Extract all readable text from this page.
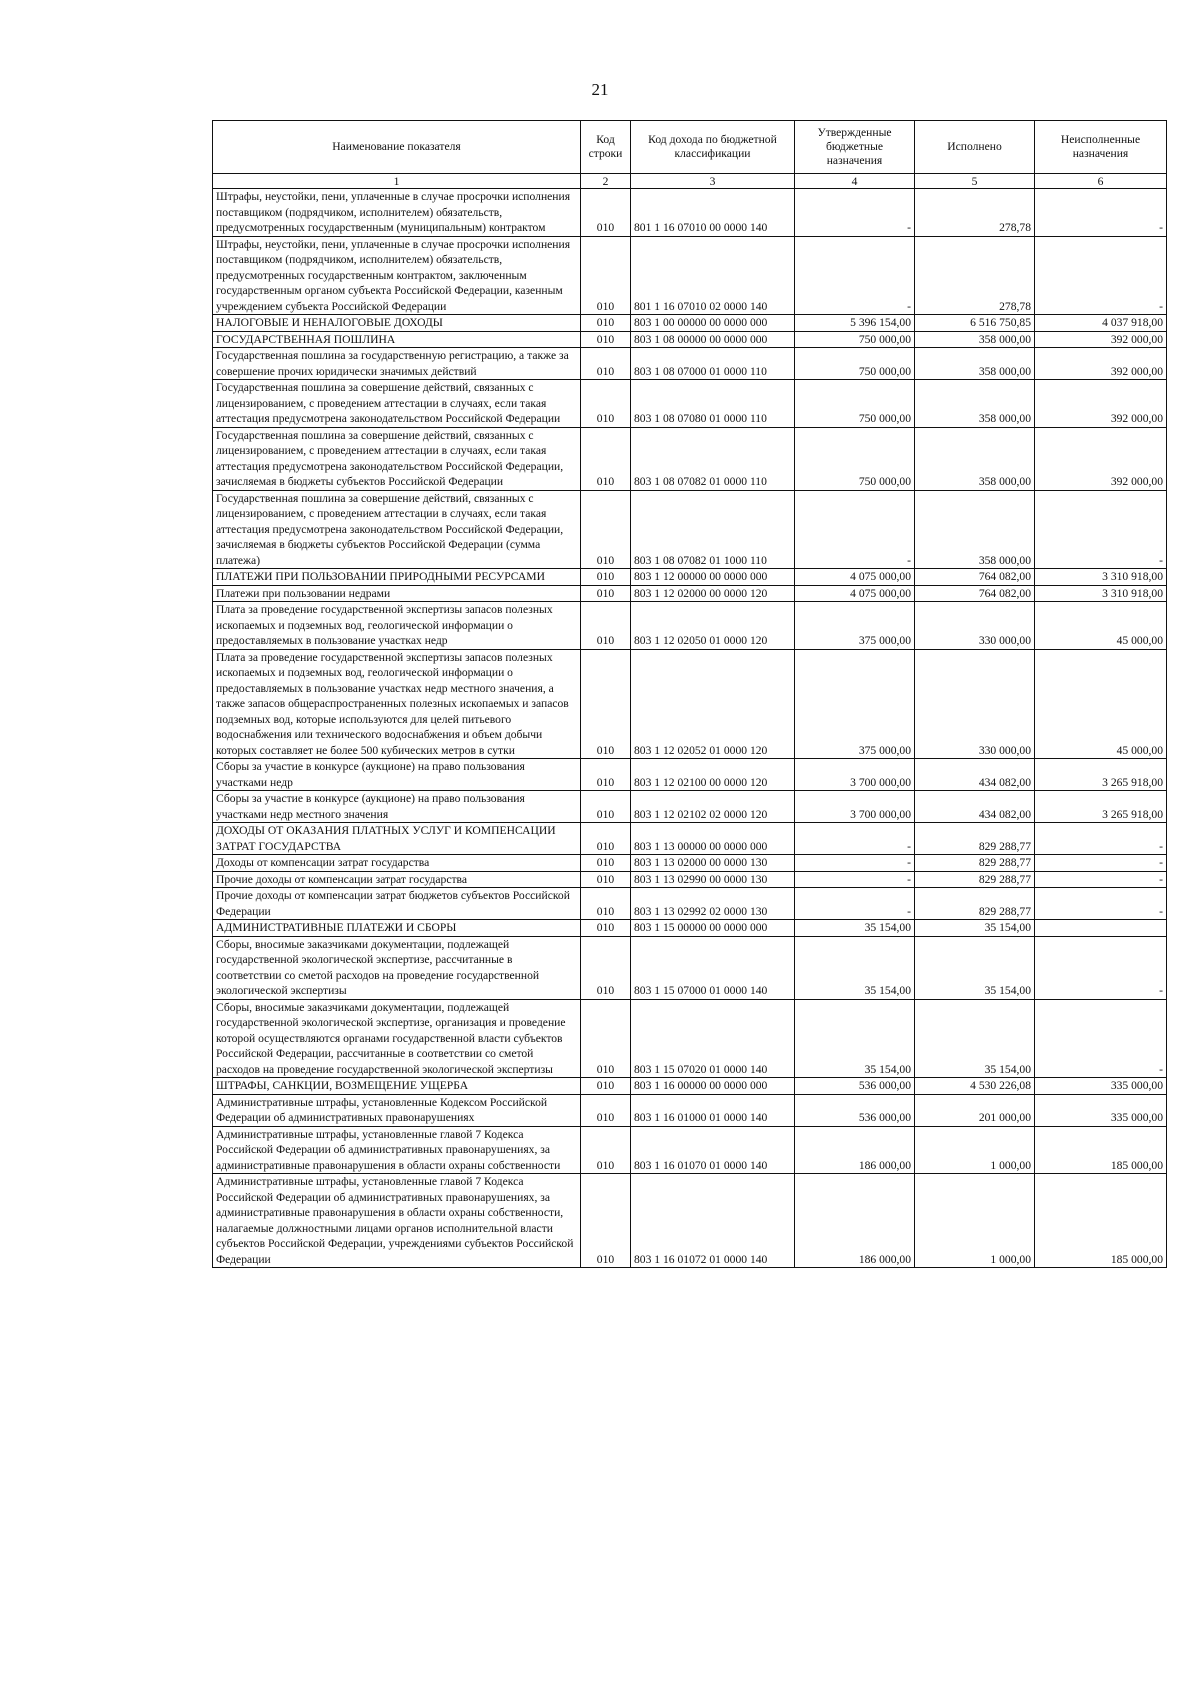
21
Наименование показателя	Код строки	Код дохода по бюджетной классификации	Утвержденные бюджетные назначения	Исполнено	Неисполненные назначения
1	2	3	4	5	6
Штрафы, неустойки, пени, уплаченные в случае просрочки исполнения поставщиком (подрядчиком, исполнителем) обязательств, предусмотренных государственным (муниципальным) контрактом	010	801 1 16 07010 00 0000 140	-	278,78	-
Штрафы, неустойки, пени, уплаченные в случае просрочки исполнения поставщиком (подрядчиком, исполнителем) обязательств, предусмотренных государственным контрактом, заключенным государственным органом субъекта Российской Федерации, казенным учреждением субъекта Российской Федерации	010	801 1 16 07010 02 0000 140	-	278,78	-
НАЛОГОВЫЕ И НЕНАЛОГОВЫЕ ДОХОДЫ	010	803 1 00 00000 00 0000 000	5 396 154,00	6 516 750,85	4 037 918,00
ГОСУДАРСТВЕННАЯ ПОШЛИНА	010	803 1 08 00000 00 0000 000	750 000,00	358 000,00	392 000,00
Государственная пошлина за государственную регистрацию, а также за совершение прочих юридически значимых действий	010	803 1 08 07000 01 0000 110	750 000,00	358 000,00	392 000,00
Государственная пошлина за совершение действий, связанных с лицензированием, с проведением аттестации в случаях, если такая аттестация предусмотрена законодательством Российской Федерации	010	803 1 08 07080 01 0000 110	750 000,00	358 000,00	392 000,00
Государственная пошлина за совершение действий, связанных с лицензированием, с проведением аттестации в случаях, если такая аттестация предусмотрена законодательством Российской Федерации, зачисляемая в бюджеты субъектов Российской Федерации	010	803 1 08 07082 01 0000 110	750 000,00	358 000,00	392 000,00
Государственная пошлина за совершение действий, связанных с лицензированием, с проведением аттестации в случаях, если такая аттестация предусмотрена законодательством Российской Федерации, зачисляемая в бюджеты субъектов Российской Федерации (сумма платежа)	010	803 1 08 07082 01 1000 110	-	358 000,00	-
ПЛАТЕЖИ ПРИ ПОЛЬЗОВАНИИ ПРИРОДНЫМИ РЕСУРСАМИ	010	803 1 12 00000 00 0000 000	4 075 000,00	764 082,00	3 310 918,00
Платежи при пользовании недрами	010	803 1 12 02000 00 0000 120	4 075 000,00	764 082,00	3 310 918,00
Плата за проведение государственной экспертизы запасов полезных ископаемых и подземных вод, геологической информации о предоставляемых в пользование участках недр	010	803 1 12 02050 01 0000 120	375 000,00	330 000,00	45 000,00
Плата за проведение государственной экспертизы запасов полезных ископаемых и подземных вод, геологической информации о предоставляемых в пользование участках недр местного значения, а также запасов общераспространенных полезных ископаемых и запасов подземных вод, которые используются для целей питьевого водоснабжения или технического водоснабжения и объем добычи которых составляет не более 500 кубических метров в сутки	010	803 1 12 02052 01 0000 120	375 000,00	330 000,00	45 000,00
Сборы за участие в конкурсе (аукционе) на право пользования участками недр	010	803 1 12 02100 00 0000 120	3 700 000,00	434 082,00	3 265 918,00
Сборы за участие в конкурсе (аукционе) на право пользования участками недр местного значения	010	803 1 12 02102 02 0000 120	3 700 000,00	434 082,00	3 265 918,00
ДОХОДЫ ОТ ОКАЗАНИЯ ПЛАТНЫХ УСЛУГ И КОМПЕНСАЦИИ ЗАТРАТ ГОСУДАРСТВА	010	803 1 13 00000 00 0000 000	-	829 288,77	-
Доходы от компенсации затрат государства	010	803 1 13 02000 00 0000 130	-	829 288,77	-
Прочие доходы от компенсации затрат государства	010	803 1 13 02990 00 0000 130	-	829 288,77	-
Прочие доходы от компенсации затрат бюджетов субъектов Российской Федерации	010	803 1 13 02992 02 0000 130	-	829 288,77	-
АДМИНИСТРАТИВНЫЕ ПЛАТЕЖИ И СБОРЫ	010	803 1 15 00000 00 0000 000	35 154,00	35 154,00	
Сборы, вносимые заказчиками документации, подлежащей государственной экологической экспертизе, рассчитанные в соответствии со сметой расходов на проведение государственной экологической экспертизы	010	803 1 15 07000 01 0000 140	35 154,00	35 154,00	-
Сборы, вносимые заказчиками документации, подлежащей государственной экологической экспертизе, организация и проведение которой осуществляются органами государственной власти субъектов Российской Федерации, рассчитанные в соответствии со сметой расходов на проведение государственной экологической экспертизы	010	803 1 15 07020 01 0000 140	35 154,00	35 154,00	-
ШТРАФЫ, САНКЦИИ, ВОЗМЕЩЕНИЕ УЩЕРБА	010	803 1 16 00000 00 0000 000	536 000,00	4 530 226,08	335 000,00
Административные штрафы, установленные Кодексом Российской Федерации об административных правонарушениях	010	803 1 16 01000 01 0000 140	536 000,00	201 000,00	335 000,00
Административные штрафы, установленные главой 7 Кодекса Российской Федерации об административных правонарушениях, за административные правонарушения в области охраны собственности	010	803 1 16 01070 01 0000 140	186 000,00	1 000,00	185 000,00
Административные штрафы, установленные главой 7 Кодекса Российской Федерации об административных правонарушениях, за административные правонарушения в области охраны собственности, налагаемые должностными лицами органов исполнительной власти субъектов Российской Федерации, учреждениями субъектов Российской Федерации	010	803 1 16 01072 01 0000 140	186 000,00	1 000,00	185 000,00
